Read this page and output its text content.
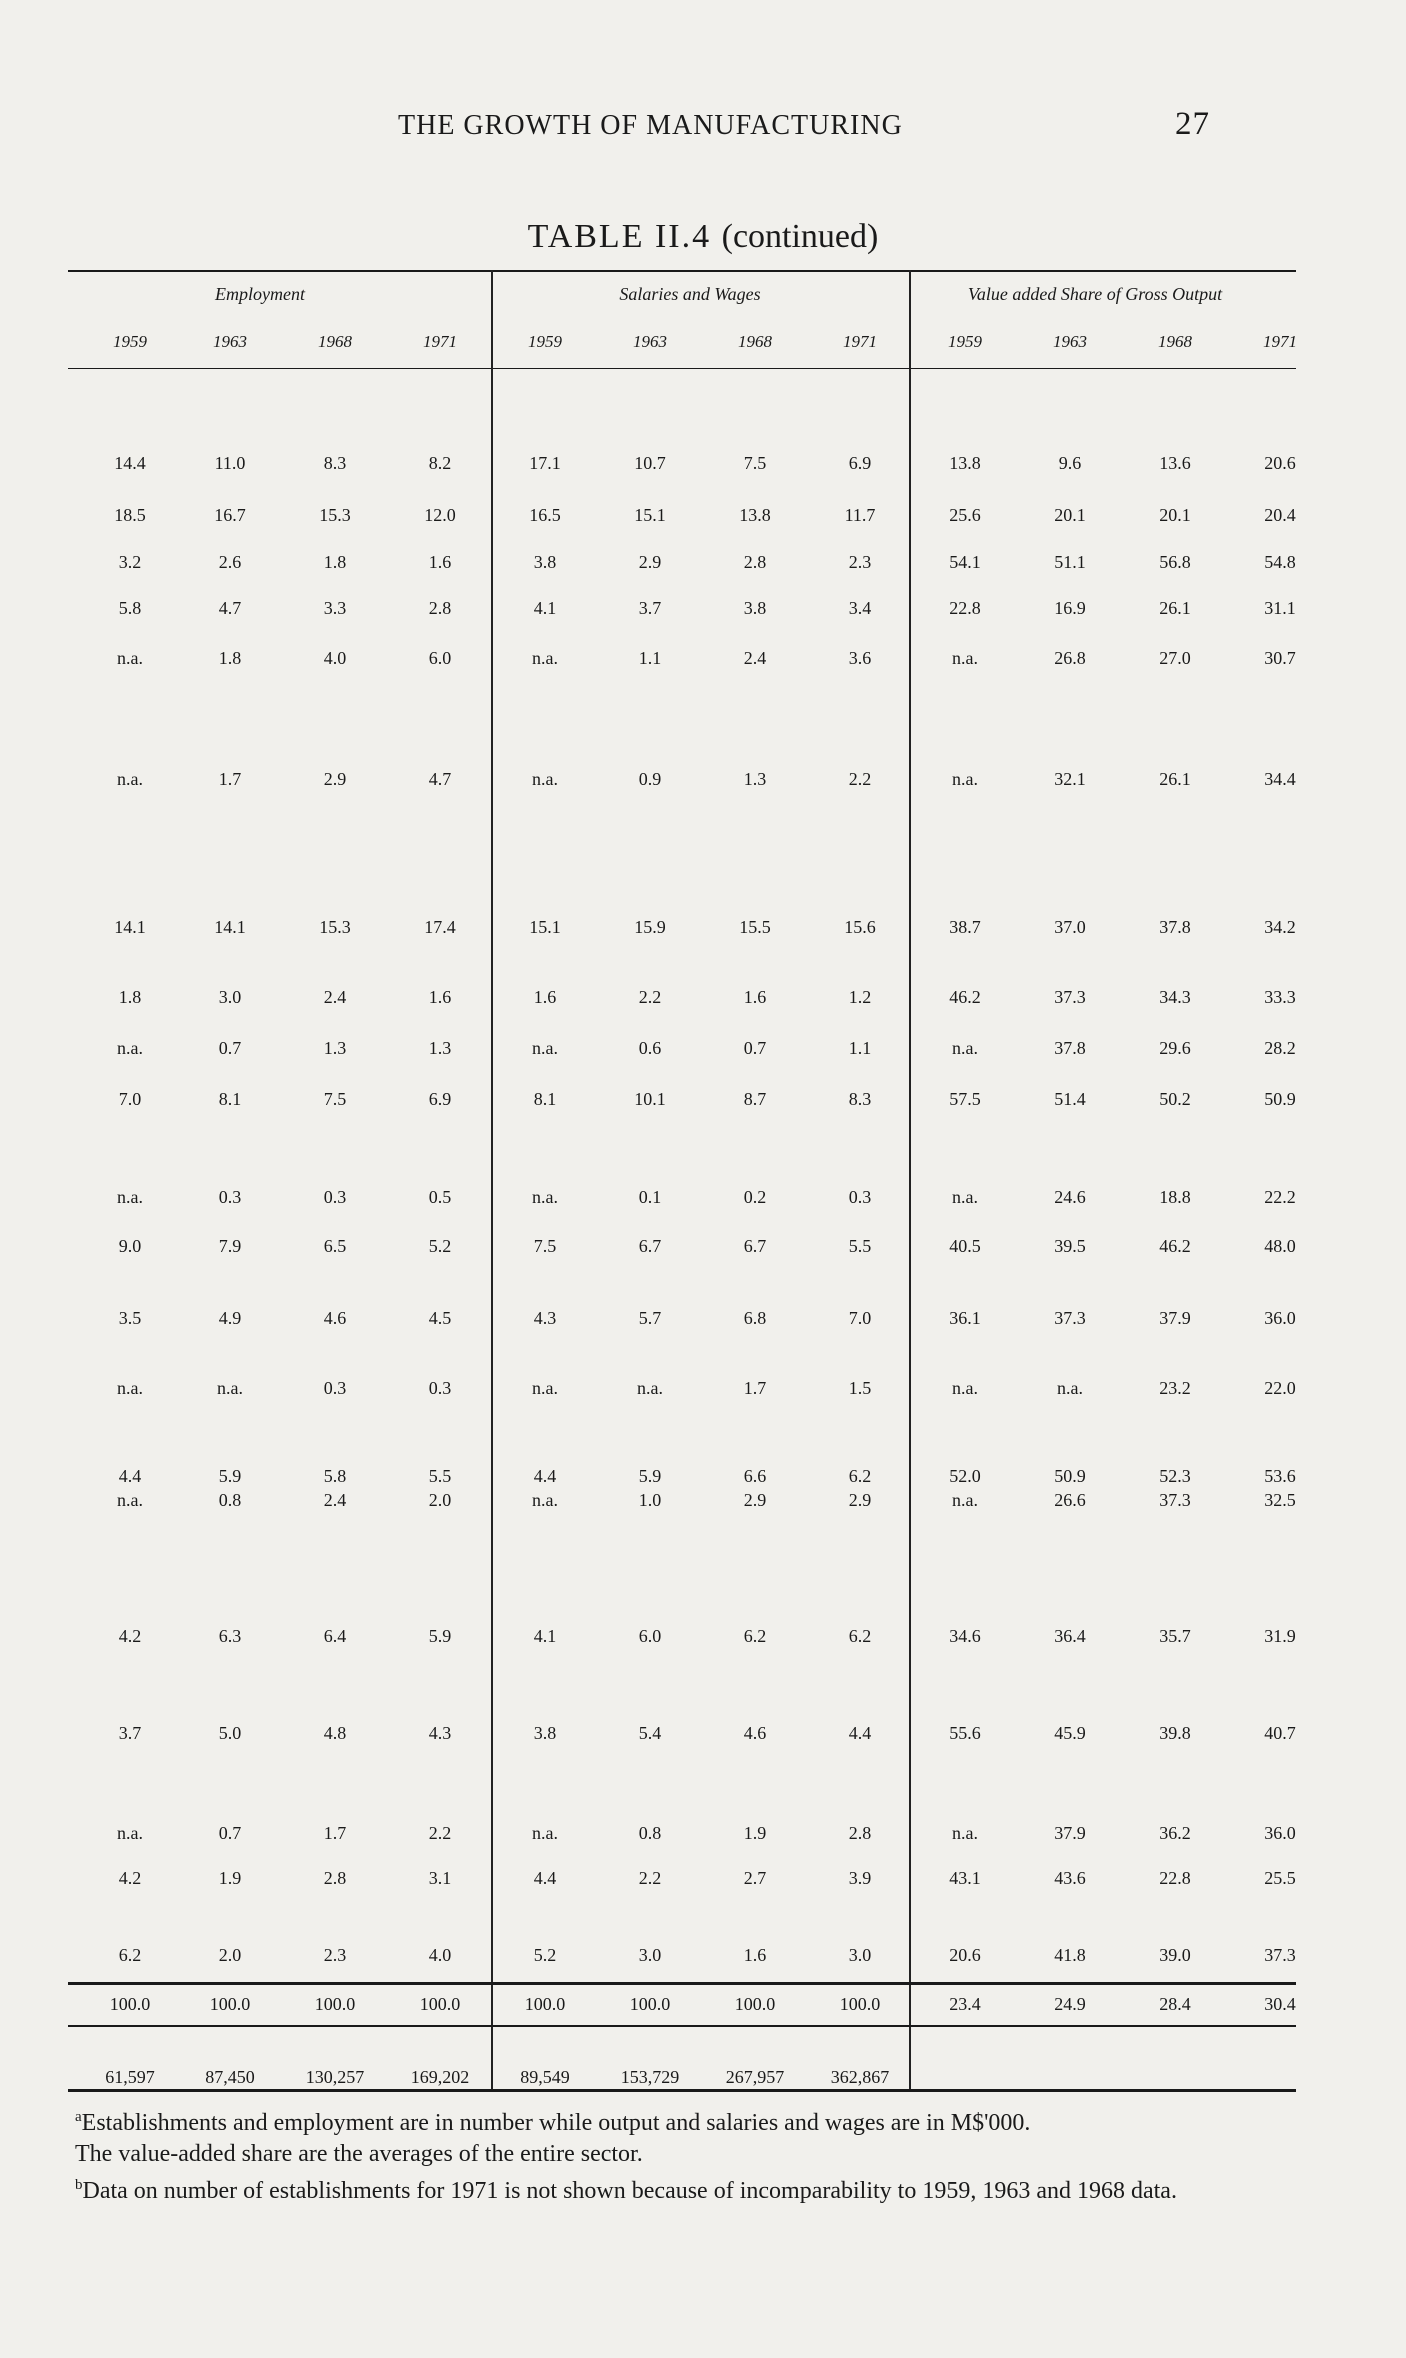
THE GROWTH OF MANUFACTURING	27
TABLE II.4 (continued)
Employment	Salaries and Wages	Value added Share of Gross Output
1959	1963	1968	1971	1959	1963	1968	1971	1959	1963	1968	1971
14.4	11.0	8.3	8.2	17.1	10.7	7.5	6.9	13.8	9.6	13.6	20.6
18.5	16.7	15.3	12.0	16.5	15.1	13.8	11.7	25.6	20.1	20.1	20.4
3.2	2.6	1.8	1.6	3.8	2.9	2.8	2.3	54.1	51.1	56.8	54.8
5.8	4.7	3.3	2.8	4.1	3.7	3.8	3.4	22.8	16.9	26.1	31.1
n.a.	1.8	4.0	6.0	n.a.	1.1	2.4	3.6	n.a.	26.8	27.0	30.7
n.a.	1.7	2.9	4.7	n.a.	0.9	1.3	2.2	n.a.	32.1	26.1	34.4
14.1	14.1	15.3	17.4	15.1	15.9	15.5	15.6	38.7	37.0	37.8	34.2
1.8	3.0	2.4	1.6	1.6	2.2	1.6	1.2	46.2	37.3	34.3	33.3
n.a.	0.7	1.3	1.3	n.a.	0.6	0.7	1.1	n.a.	37.8	29.6	28.2
7.0	8.1	7.5	6.9	8.1	10.1	8.7	8.3	57.5	51.4	50.2	50.9
n.a.	0.3	0.3	0.5	n.a.	0.1	0.2	0.3	n.a.	24.6	18.8	22.2
9.0	7.9	6.5	5.2	7.5	6.7	6.7	5.5	40.5	39.5	46.2	48.0
3.5	4.9	4.6	4.5	4.3	5.7	6.8	7.0	36.1	37.3	37.9	36.0
n.a.	n.a.	0.3	0.3	n.a.	n.a.	1.7	1.5	n.a.	n.a.	23.2	22.0
4.4	5.9	5.8	5.5	4.4	5.9	6.6	6.2	52.0	50.9	52.3	53.6
n.a.	0.8	2.4	2.0	n.a.	1.0	2.9	2.9	n.a.	26.6	37.3	32.5
4.2	6.3	6.4	5.9	4.1	6.0	6.2	6.2	34.6	36.4	35.7	31.9
3.7	5.0	4.8	4.3	3.8	5.4	4.6	4.4	55.6	45.9	39.8	40.7
n.a.	0.7	1.7	2.2	n.a.	0.8	1.9	2.8	n.a.	37.9	36.2	36.0
4.2	1.9	2.8	3.1	4.4	2.2	2.7	3.9	43.1	43.6	22.8	25.5
6.2	2.0	2.3	4.0	5.2	3.0	1.6	3.0	20.6	41.8	39.0	37.3
100.0	100.0	100.0	100.0	100.0	100.0	100.0	100.0	23.4	24.9	28.4	30.4
61,597	87,450	130,257	169,202	89,549	153,729	267,957	362,867

$^a$Establishments and employment are in number while output and salaries and wages are in M$'000.

The value-added share are the averages of the entire sector.

$^b$Data on number of establishments for 1971 is not shown because of incomparability to 1959, 1963 and 1968 data.
